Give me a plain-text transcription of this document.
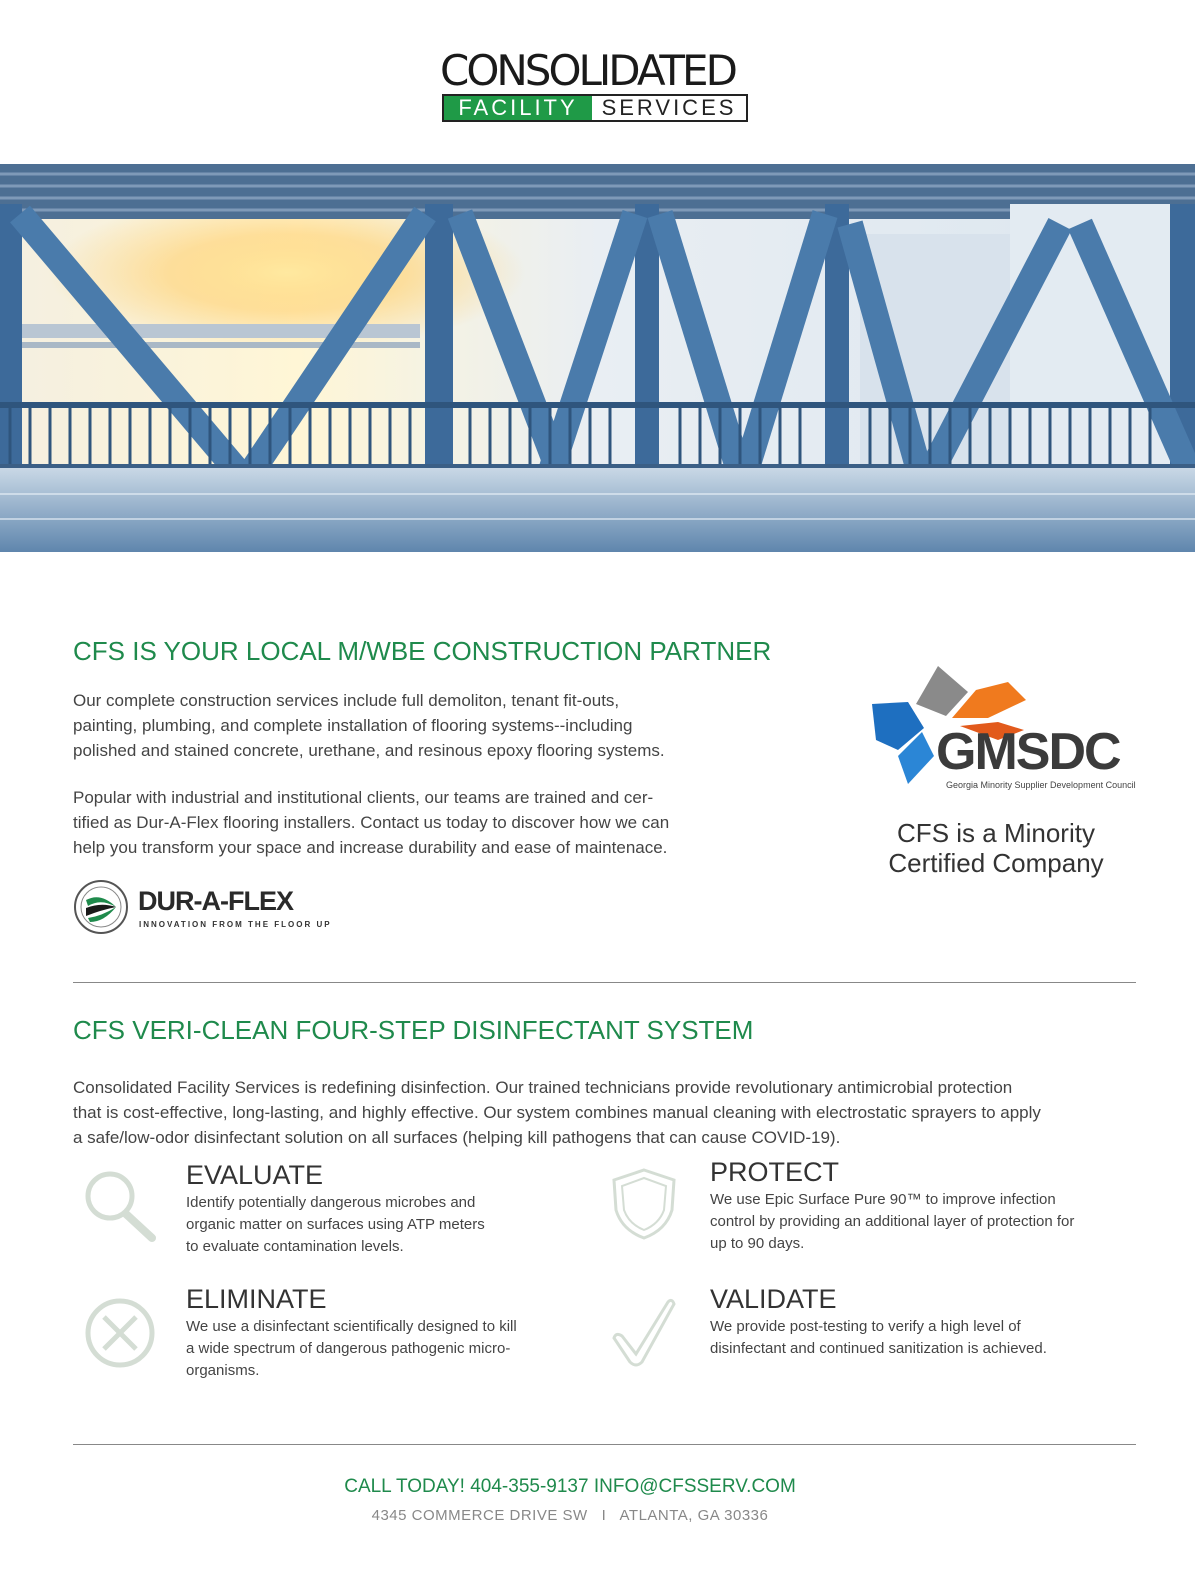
CONSOLIDATED
FACILITY	SERVICES
CFS IS YOUR LOCAL M/WBE CONSTRUCTION PARTNER

Our complete construction services include full demoliton, tenant fit-outs,
painting, plumbing, and complete installation of flooring systems--including
polished and stained concrete, urethane, and resinous epoxy flooring systems.

Popular with industrial and institutional clients, our teams are trained and cer-
tified as Dur-A-Flex flooring installers. Contact us today to discover how we can
help you transform your space and increase durability and ease of maintenace.

DUR-A-FLEX
INNOVATION FROM THE FLOOR UP
GMSDC
Georgia Minority Supplier Development Council
CFS is a Minority
Certified Company
CFS VERI-CLEAN FOUR-STEP DISINFECTANT SYSTEM

Consolidated Facility Services is redefining disinfection. Our trained technicians provide revolutionary antimicrobial protection
that is cost-effective, long-lasting, and highly effective. Our system combines manual cleaning with electrostatic sprayers to apply
a safe/low-odor disinfectant solution on all surfaces (helping kill pathogens that can cause COVID-19).

EVALUATE

Identify potentially dangerous microbes and
organic matter on surfaces using ATP meters
to evaluate contamination levels.

PROTECT

We use Epic Surface Pure 90™ to improve infection
control by providing an additional layer of protection for
up to 90 days.

ELIMINATE

We use a disinfectant scientifically designed to kill
a wide spectrum of dangerous pathogenic micro-
organisms.

VALIDATE

We provide post-testing to verify a high level of
disinfectant and continued sanitization is achieved.

CALL TODAY! 404-355-9137 INFO@CFSSERV.COM
4345 COMMERCE DRIVE SW   I   ATLANTA, GA 30336
